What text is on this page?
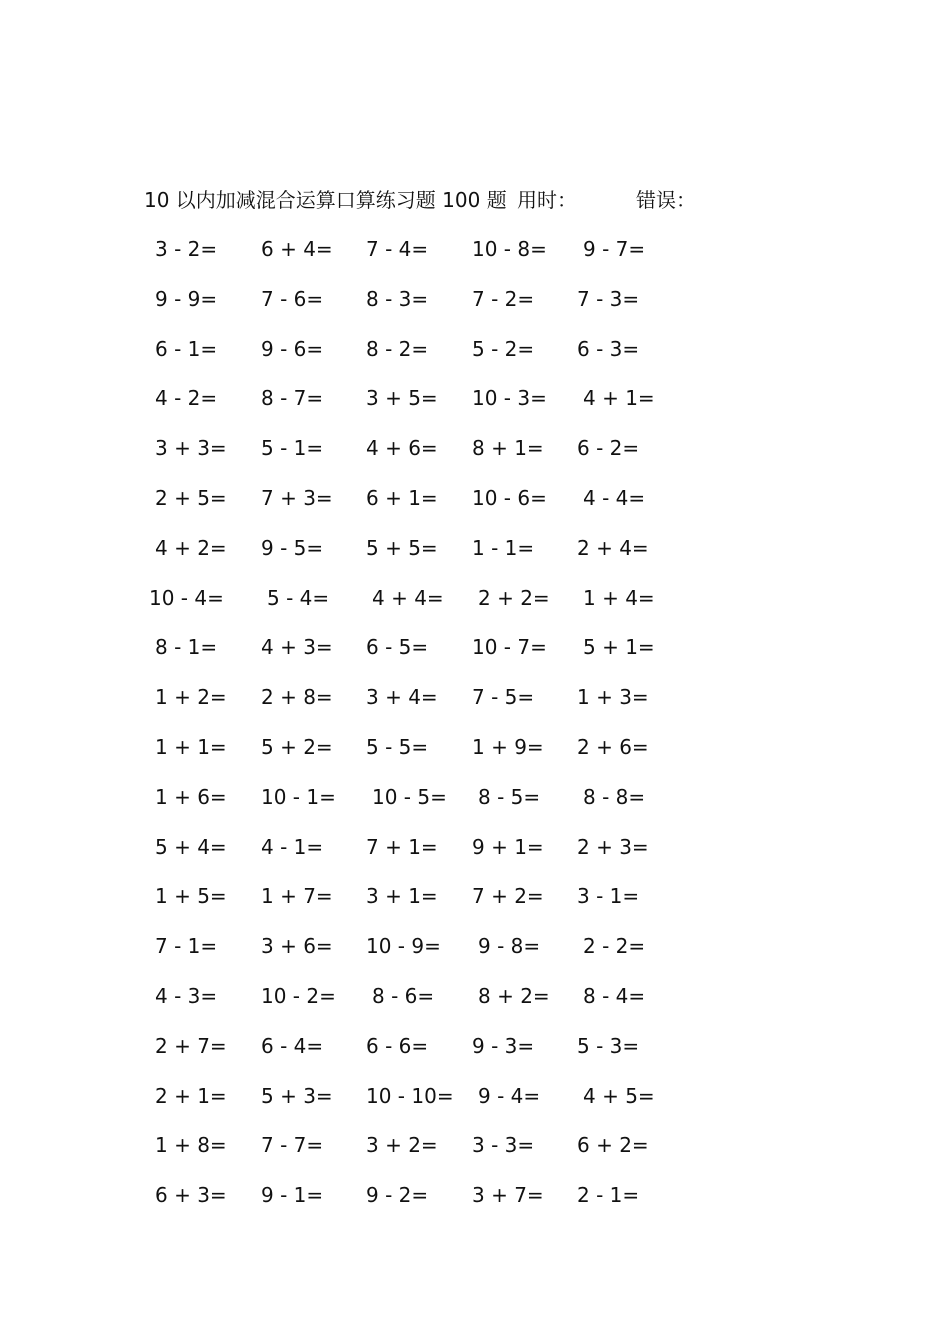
10 以内加减混合运算口算练习题 100 题 用时：	错误：
3 - 2=	6 + 4=	7 - 4=	10 - 8=	9 - 7=
9 - 9=	7 - 6=	8 - 3=	7 - 2=	7 - 3=
6 - 1=	9 - 6=	8 - 2=	5 - 2=	6 - 3=
4 - 2=	8 - 7=	3 + 5=	10 - 3=	4 + 1=
3 + 3=	5 - 1=	4 + 6=	8 + 1=	6 - 2=
2 + 5=	7 + 3=	6 + 1=	10 - 6=	4 - 4=
4 + 2=	9 - 5=	5 + 5=	1 - 1=	2 + 4=
10 - 4=	5 - 4=	4 + 4=	2 + 2=	1 + 4=
8 - 1=	4 + 3=	6 - 5=	10 - 7=	5 + 1=
1 + 2=	2 + 8=	3 + 4=	7 - 5=	1 + 3=
1 + 1=	5 + 2=	5 - 5=	1 + 9=	2 + 6=
1 + 6=	10 - 1=	10 - 5=	8 - 5=	8 - 8=
5 + 4=	4 - 1=	7 + 1=	9 + 1=	2 + 3=
1 + 5=	1 + 7=	3 + 1=	7 + 2=	3 - 1=
7 - 1=	3 + 6=	10 - 9=	9 - 8=	2 - 2=
4 - 3=	10 - 2=	8 - 6=	8 + 2=	8 - 4=
2 + 7=	6 - 4=	6 - 6=	9 - 3=	5 - 3=
2 + 1=	5 + 3=	10 - 10=	9 - 4=	4 + 5=
1 + 8=	7 - 7=	3 + 2=	3 - 3=	6 + 2=
6 + 3=	9 - 1=	9 - 2=	3 + 7=	2 - 1=
